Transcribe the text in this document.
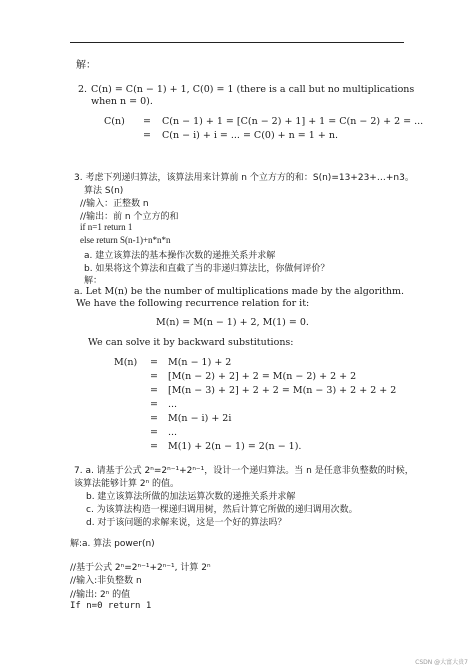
解：
2. C(n) = C(n − 1) + 1, C(0) = 1 (there is a call but no multiplications
when n = 0).
C(n) = C(n − 1) + 1 = [C(n − 2) + 1] + 1 = C(n − 2) + 2 = ...
= C(n − i) + i = ... = C(0) + n = 1 + n.
3. 考虑下列递归算法，该算法用来计算前 n 个立方方的和：S(n)=13+23+…+n3。
算法 S(n)
//输入：正整数 n
//输出：前 n 个立方的和
if n=1 return 1
else return S(n-1)+n*n*n
a. 建立该算法的基本操作次数的递推关系并求解
b. 如果将这个算法和直截了当的非递归算法比，你做何评价？
解：
a. Let M(n) be the number of multiplications made by the algorithm.
We have the following recurrence relation for it:
M(n) = M(n − 1) + 2, M(1) = 0.
We can solve it by backward substitutions:
M(n) = M(n − 1) + 2
= [M(n − 2) + 2] + 2 = M(n − 2) + 2 + 2
= [M(n − 3) + 2] + 2 + 2 = M(n − 3) + 2 + 2 + 2
= ...
= M(n − i) + 2i
= ...
= M(1) + 2(n − 1) = 2(n − 1).
7. a. 请基于公式 2ⁿ=2ⁿ⁻¹+2ⁿ⁻¹，设计一个递归算法。当 n 是任意非负整数的时候，
该算法能够计算 2ⁿ 的值。
b. 建立该算法所做的加法运算次数的递推关系并求解
c. 为该算法构造一棵递归调用树，然后计算它所做的递归调用次数。
d. 对于该问题的求解来说，这是一个好的算法吗？
解:a. 算法 power(n)
//基于公式 2ⁿ=2ⁿ⁻¹+2ⁿ⁻¹, 计算 2ⁿ
//输入:非负整数 n
//输出: 2ⁿ 的值
If n=0 return 1
CSDN @大富大贵7
